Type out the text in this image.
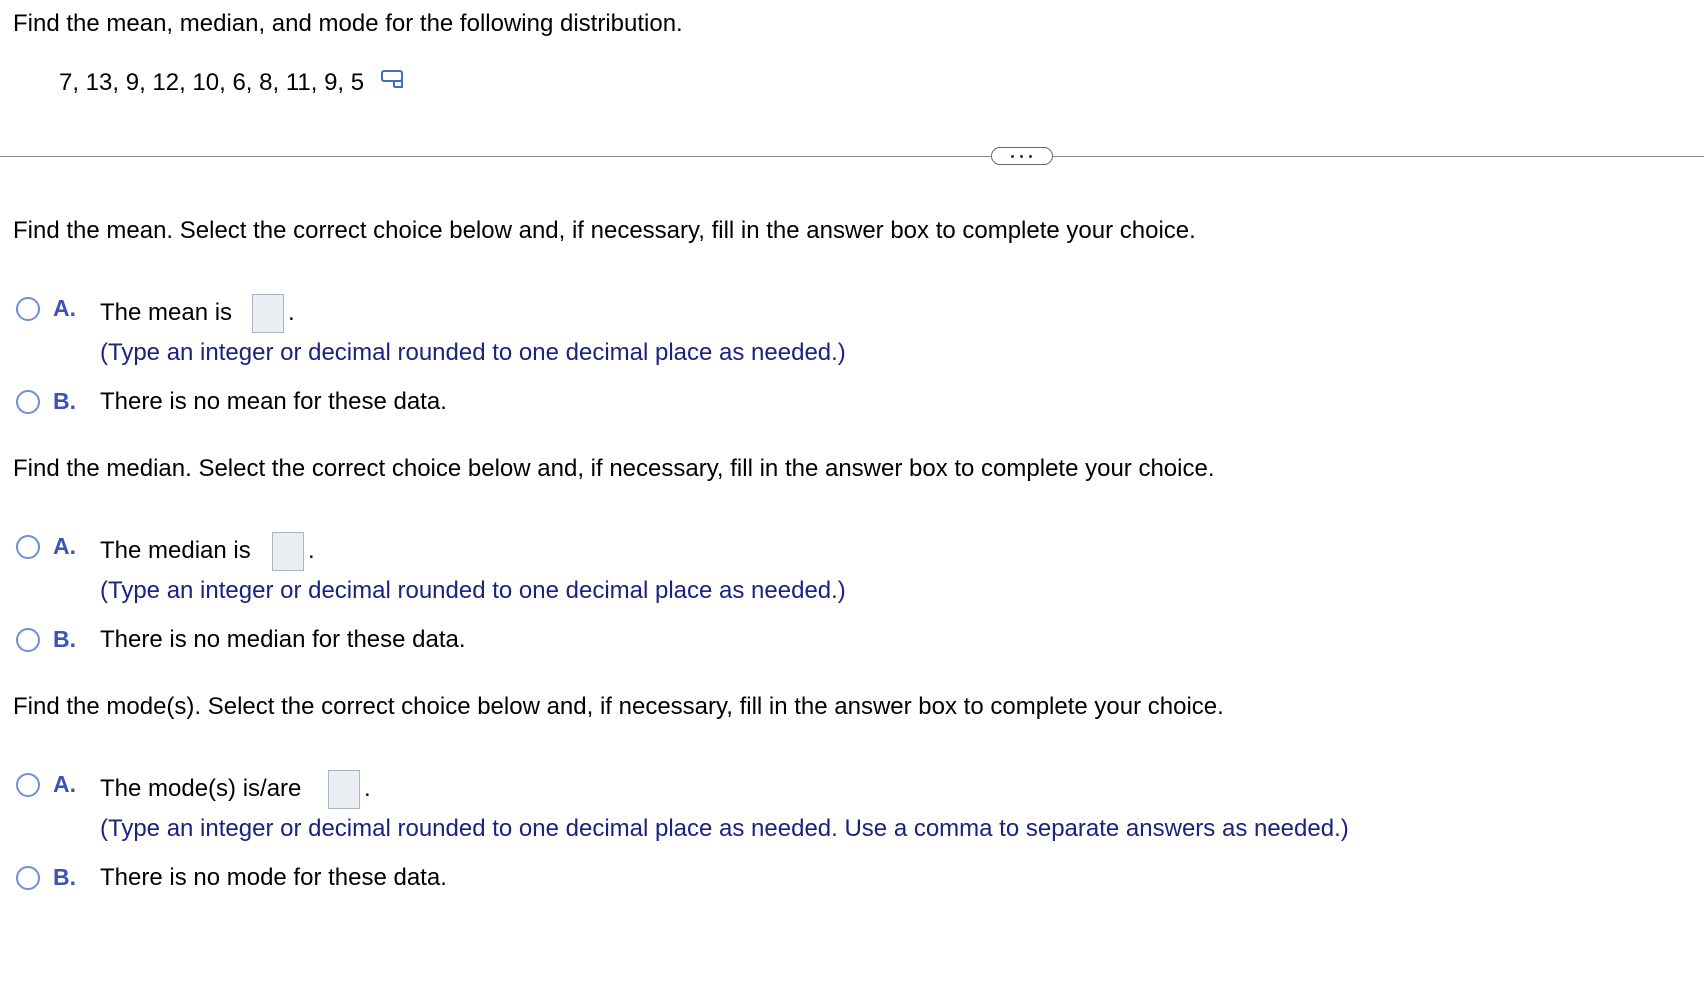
Find the mean, median, and mode for the following distribution.
7, 13, 9, 12, 10, 6, 8, 11, 9, 5
Find the mean. Select the correct choice below and, if necessary, fill in the answer box to complete your choice.
A. The mean is .
(Type an integer or decimal rounded to one decimal place as needed.)
B. There is no mean for these data.
Find the median. Select the correct choice below and, if necessary, fill in the answer box to complete your choice.
A. The median is .
(Type an integer or decimal rounded to one decimal place as needed.)
B. There is no median for these data.
Find the mode(s). Select the correct choice below and, if necessary, fill in the answer box to complete your choice.
A. The mode(s) is/are	.
(Type an integer or decimal rounded to one decimal place as needed. Use a comma to separate answers as needed.)
B. There is no mode for these data.
